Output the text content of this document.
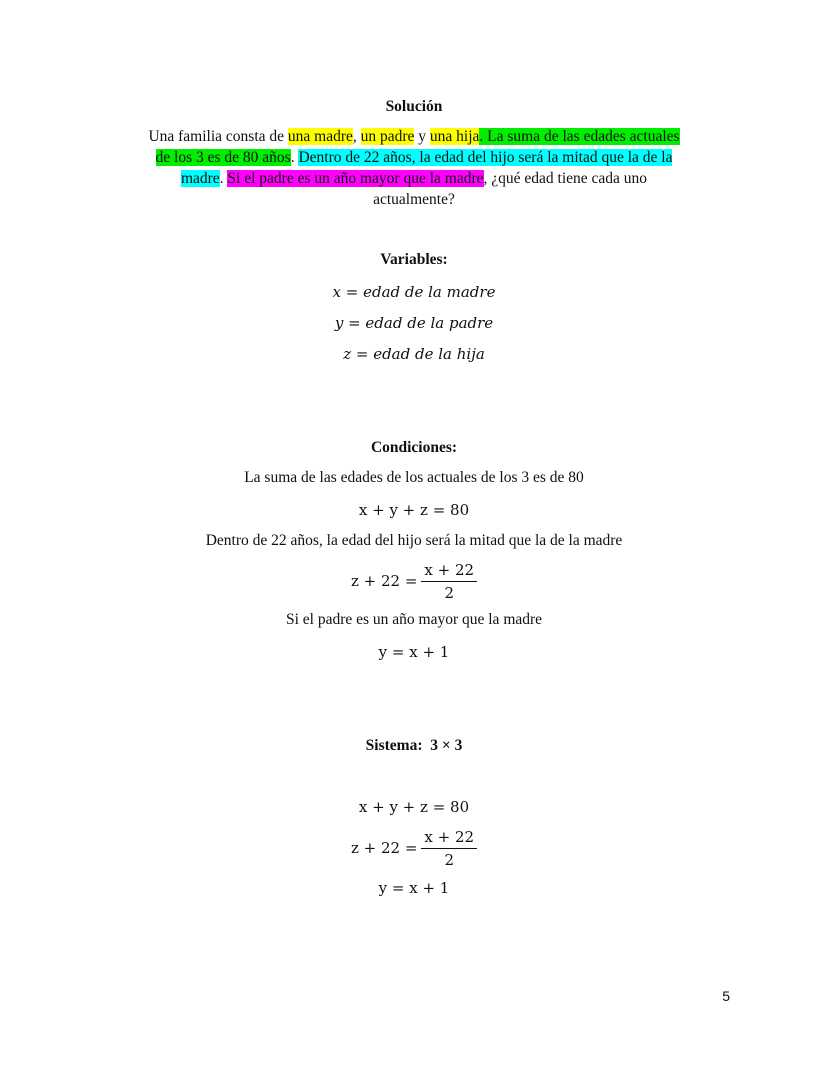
Solución
Una familia consta de una madre, un padre y una hija. La suma de las edades actuales de los 3 es de 80 años. Dentro de 22 años, la edad del hijo será la mitad que la de la madre. Si el padre es un año mayor que la madre, ¿qué edad tiene cada uno actualmente?
Variables:
x = edad de la madre
y = edad de la padre
z = edad de la hija
Condiciones:
La suma de las edades de los actuales de los 3 es de 80
x + y + z = 80
Dentro de 22 años, la edad del hijo será la mitad que la de la madre
$z + 22 = \frac{x + 22}{2}$
Si el padre es un año mayor que la madre
y = x + 1
Sistema: 3 × 3
x + y + z = 80
$z + 22 = \frac{x + 22}{2}$
y = x + 1
5
